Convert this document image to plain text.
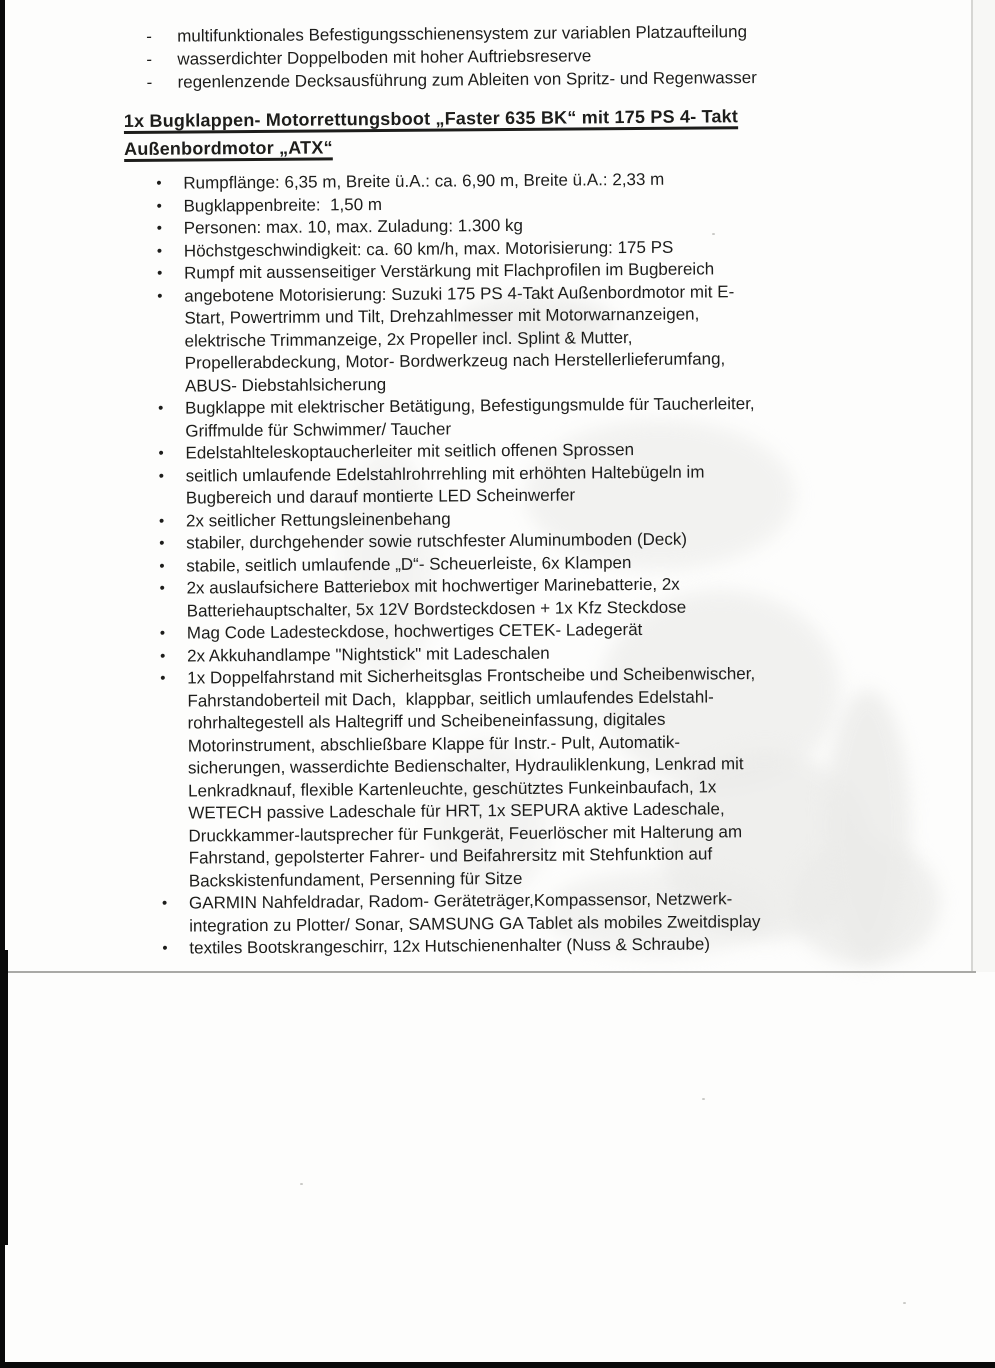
-	multifunktionales Befestigungsschienensystem zur variablen Platzaufteilung
-	wasserdichter Doppelboden mit hoher Auftriebsreserve
-	regenlenzende Decksausführung zum Ableiten von Spritz- und Regenwasser
1x Bugklappen- Motorrettungsboot „Faster 635 BK“ mit 175 PS 4- Takt
Außenbordmotor „ATX“
•	Rumpflänge: 6,35 m, Breite ü.A.: ca. 6,90 m, Breite ü.A.: 2,33 m
•	Bugklappenbreite:  1,50 m
•	Personen: max. 10, max. Zuladung: 1.300 kg
•	Höchstgeschwindigkeit: ca. 60 km/h, max. Motorisierung: 175 PS
•	Rumpf mit aussenseitiger Verstärkung mit Flachprofilen im Bugbereich
•	angebotene Motorisierung: Suzuki 175 PS 4-Takt Außenbordmotor mit E-
Start, Powertrimm und Tilt, Drehzahlmesser mit Motorwarnanzeigen,
elektrische Trimmanzeige, 2x Propeller incl. Splint & Mutter,
Propellerabdeckung, Motor- Bordwerkzeug nach Herstellerlieferumfang,
ABUS- Diebstahlsicherung
•	Bugklappe mit elektrischer Betätigung, Befestigungsmulde für Taucherleiter,
Griffmulde für Schwimmer/ Taucher
•	Edelstahlteleskoptaucherleiter mit seitlich offenen Sprossen
•	seitlich umlaufende Edelstahlrohrrehling mit erhöhten Haltebügeln im
Bugbereich und darauf montierte LED Scheinwerfer
•	2x seitlicher Rettungsleinenbehang
•	stabiler, durchgehender sowie rutschfester Aluminumboden (Deck)
•	stabile, seitlich umlaufende „D“- Scheuerleiste, 6x Klampen
•	2x auslaufsichere Batteriebox mit hochwertiger Marinebatterie, 2x
Batteriehauptschalter, 5x 12V Bordsteckdosen + 1x Kfz Steckdose
•	Mag Code Ladesteckdose, hochwertiges CETEK- Ladegerät
•	2x Akkuhandlampe "Nightstick" mit Ladeschalen
•	1x Doppelfahrstand mit Sicherheitsglas Frontscheibe und Scheibenwischer,
Fahrstandoberteil mit Dach,  klappbar, seitlich umlaufendes Edelstahl-
rohrhaltegestell als Haltegriff und Scheibeneinfassung, digitales
Motorinstrument, abschließbare Klappe für Instr.- Pult, Automatik-
sicherungen, wasserdichte Bedienschalter, Hydrauliklenkung, Lenkrad mit
Lenkradknauf, flexible Kartenleuchte, geschütztes Funkeinbaufach, 1x
WETECH passive Ladeschale für HRT, 1x SEPURA aktive Ladeschale,
Druckkammer-lautsprecher für Funkgerät, Feuerlöscher mit Halterung am
Fahrstand, gepolsterter Fahrer- und Beifahrersitz mit Stehfunktion auf
Backskistenfundament, Persenning für Sitze
•	GARMIN Nahfeldradar, Radom- Geräteträger,Kompassensor, Netzwerk-
integration zu Plotter/ Sonar, SAMSUNG GA Tablet als mobiles Zweitdisplay
•	textiles Bootskrangeschirr, 12x Hutschienenhalter (Nuss & Schraube)
